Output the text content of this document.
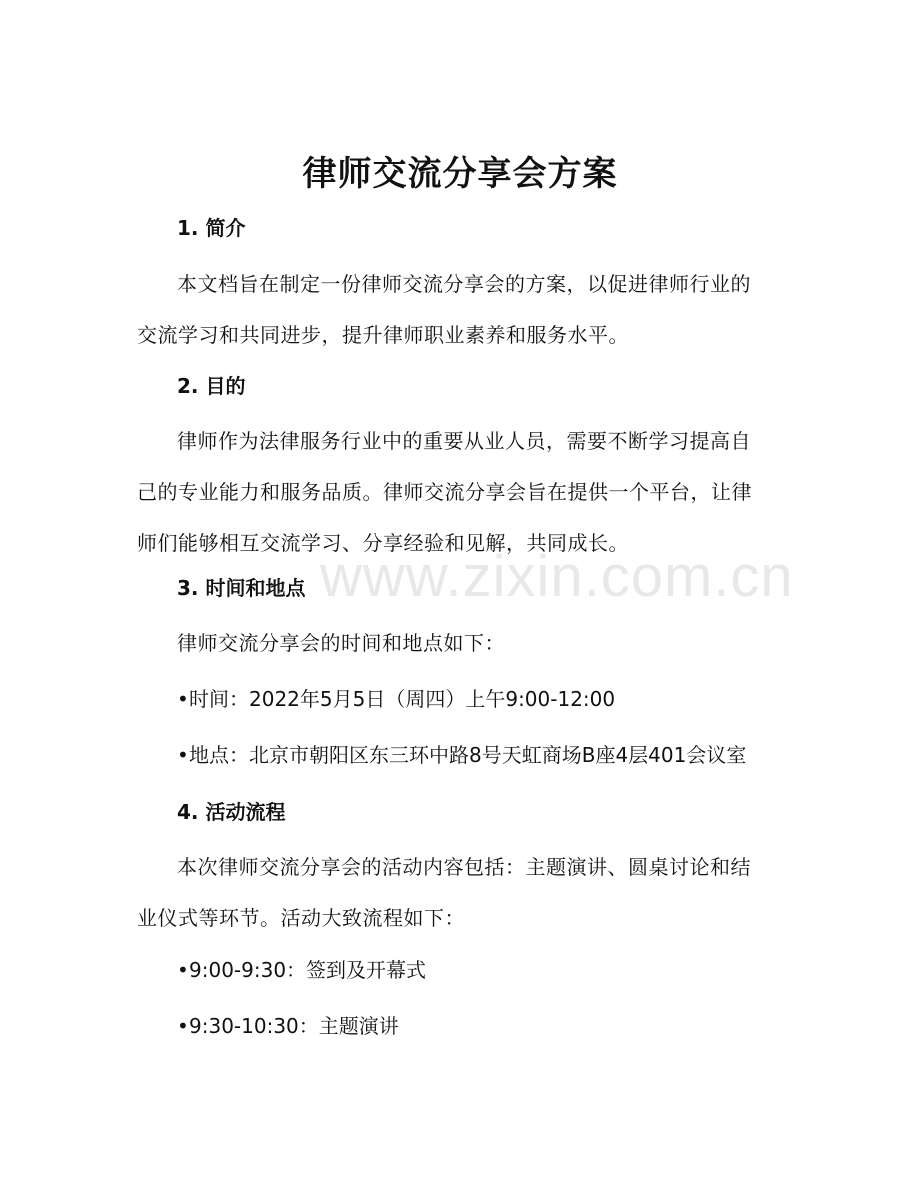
律师交流分享会方案
1. 简介
本文档旨在制定一份律师交流分享会的方案，以促进律师行业的交流学习和共同进步，提升律师职业素养和服务水平。
2. 目的
律师作为法律服务行业中的重要从业人员，需要不断学习提高自己的专业能力和服务品质。律师交流分享会旨在提供一个平台，让律师们能够相互交流学习、分享经验和见解，共同成长。
3. 时间和地点
律师交流分享会的时间和地点如下：
•时间：2022年5月5日（周四）上午9:00-12:00
•地点：北京市朝阳区东三环中路8号天虹商场B座4层401会议室
4. 活动流程
本次律师交流分享会的活动内容包括：主题演讲、圆桌讨论和结业仪式等环节。活动大致流程如下：
•9:00-9:30：签到及开幕式
•9:30-10:30：主题演讲
www.zixin.com.cn
